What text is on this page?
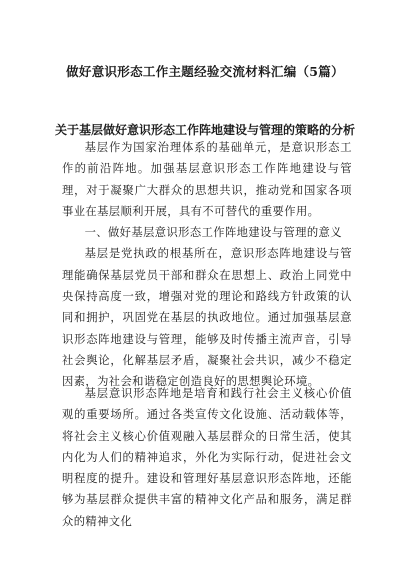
做好意识形态工作主题经验交流材料汇编（5篇）
关于基层做好意识形态工作阵地建设与管理的策略的分析

基层作为国家治理体系的基础单元，是意识形态工作的前沿阵地。加强基层意识形态工作阵地建设与管理，对于凝聚广大群众的思想共识，推动党和国家各项事业在基层顺利开展，具有不可替代的重要作用。

一、做好基层意识形态工作阵地建设与管理的意义

基层是党执政的根基所在，意识形态阵地建设与管理能确保基层党员干部和群众在思想上、政治上同党中央保持高度一致，增强对党的理论和路线方针政策的认同和拥护，巩固党在基层的执政地位。通过加强基层意识形态阵地建设与管理，能够及时传播主流声音，引导社会舆论，化解基层矛盾，凝聚社会共识，减少不稳定因素，为社会和谐稳定创造良好的思想舆论环境。

基层意识形态阵地是培育和践行社会主义核心价值观的重要场所。通过各类宣传文化设施、活动载体等，将社会主义核心价值观融入基层群众的日常生活，使其内化为人们的精神追求，外化为实际行动，促进社会文明程度的提升。建设和管理好基层意识形态阵地，还能够为基层群众提供丰富的精神文化产品和服务，满足群众的精神文化
